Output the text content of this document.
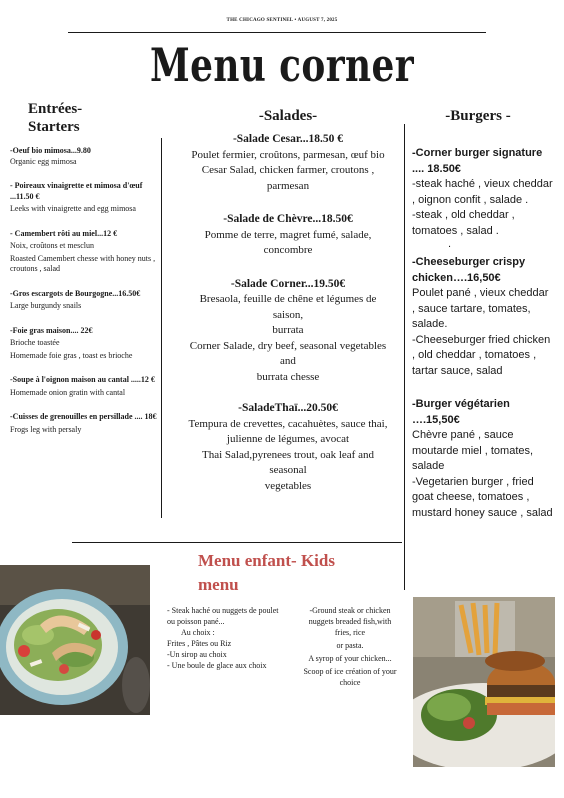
THE CHICAGO SENTINEL • AUGUST 7, 2025
Menu corner
Entrées-
Starters
-Oeuf bio mimosa...9.80
Organic egg mimosa
- Poireaux vinaigrette et mimosa d'œuf ...11.50 €
Leeks with vinaigrette and egg mimosa
- Camembert rôti au miel...12 €
Noix, croûtons et mesclun
Roasted Camembert chesse with honey nuts , croutons , salad
-Gros escargots de Bourgogne...16.50€
Large burgundy snails
-Foie gras maison.... 22€
Brioche toastée
Homemade foie gras , toast es brioche
-Soupe à l'oignon maison au cantal .....12 €
Homemade onion gratin with cantal
-Cuisses de grenouilles en persillade .... 18€
Frogs leg with persaly
-Salades-
-Salade Cesar...18.50 €
Poulet fermier, croûtons, parmesan, œuf bio
Cesar Salad, chicken farmer, croutons , parmesan
-Salade de Chèvre...18.50€
Pomme de terre, magret fumé, salade, concombre
-Salade Corner...19.50€
Bresaola, feuille de chêne et légumes de saison,
burrata
Corner Salade, dry beef, seasonal vegetables and
burrata chesse
-SaladeThaï...20.50€
Tempura de crevettes, cacahuètes, sauce thai, julienne de légumes, avocat
Thai Salad,pyrenees trout, oak leaf and seasonal
vegetables
-Burgers -
-Corner burger signature .... 18.50€
-steak haché , vieux cheddar , oignon confit , salade .
-steak , old cheddar , tomatoes , salad .
.
-Cheeseburger crispy chicken….16,50€
Poulet pané , vieux cheddar , sauce tartare, tomates, salade.
-Cheeseburger fried chicken , old cheddar , tomatoes , tartar sauce, salad
-Burger végétarien ….15,50€
Chèvre pané , sauce moutarde miel , tomates, salade
-Vegetarien burger , fried goat cheese, tomatoes , mustard honey sauce , salad
Menu enfant- Kids
menu
- Steak haché ou nuggets de poulet ou poisson pané...
Au choix :
Frites , Pâtes ou Riz
-Un sirop au choix
- Une boule de glace aux choix
-Ground steak or chicken nuggets breaded fish,with fries, rice
or pasta.
A syrop of your chicken...
Scoop of ice création of your choice
